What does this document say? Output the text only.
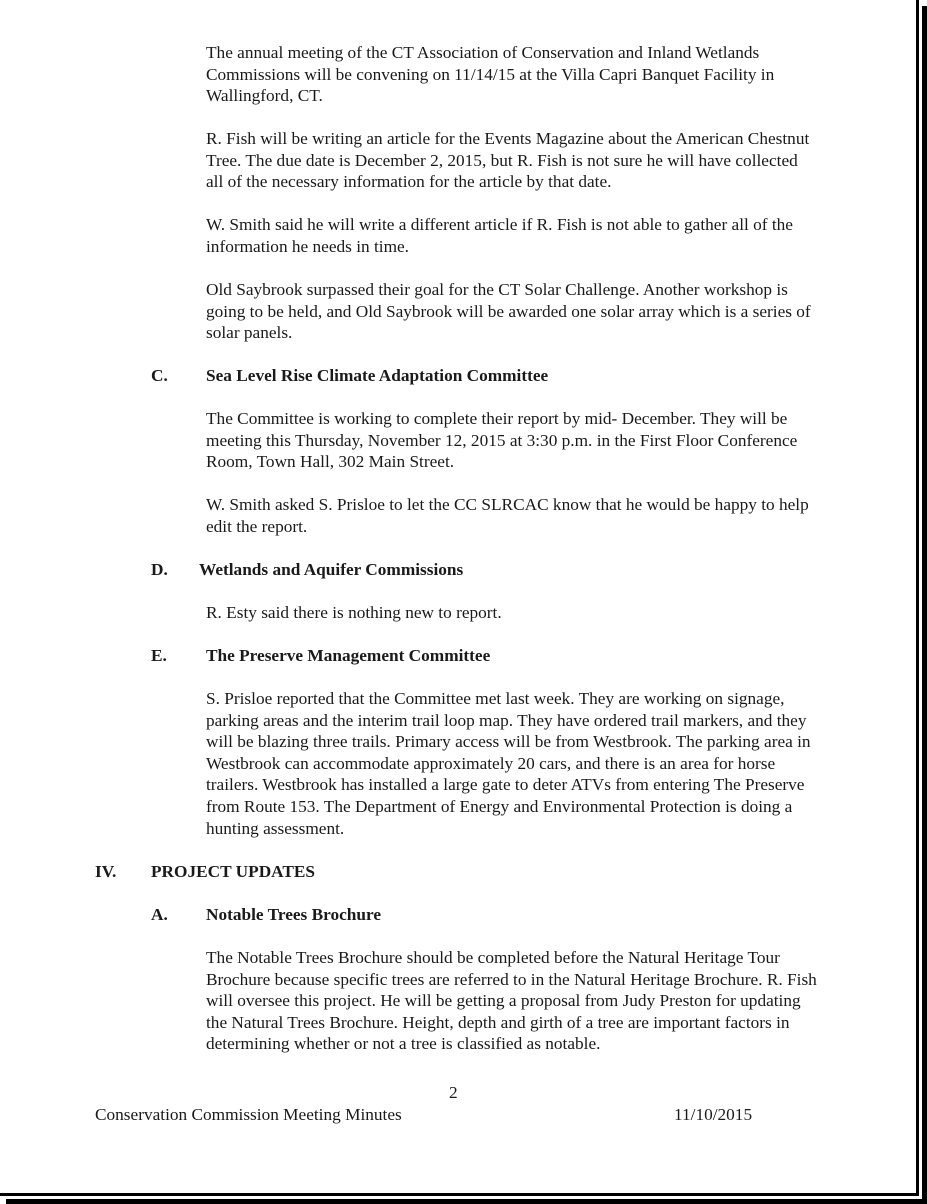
The annual meeting of the CT Association of Conservation and Inland Wetlands Commissions will be convening on 11/14/15 at the Villa Capri Banquet Facility in Wallingford, CT.

R. Fish will be writing an article for the Events Magazine about the American Chestnut Tree. The due date is December 2, 2015, but R. Fish is not sure he will have collected all of the necessary information for the article by that date.

W. Smith said he will write a different article if R. Fish is not able to gather all of the information he needs in time.

Old Saybrook surpassed their goal for the CT Solar Challenge. Another workshop is going to be held, and Old Saybrook will be awarded one solar array which is a series of solar panels.

C. Sea Level Rise Climate Adaptation Committee

The Committee is working to complete their report by mid- December. They will be meeting this Thursday, November 12, 2015 at 3:30 p.m. in the First Floor Conference Room, Town Hall, 302 Main Street.

W. Smith asked S. Prisloe to let the CC SLRCAC know that he would be happy to help edit the report.

D. Wetlands and Aquifer Commissions

R. Esty said there is nothing new to report.

E. The Preserve Management Committee

S. Prisloe reported that the Committee met last week. They are working on signage, parking areas and the interim trail loop map. They have ordered trail markers, and they will be blazing three trails. Primary access will be from Westbrook. The parking area in Westbrook can accommodate approximately 20 cars, and there is an area for horse trailers. Westbrook has installed a large gate to deter ATVs from entering The Preserve from Route 153. The Department of Energy and Environmental Protection is doing a hunting assessment.

IV. PROJECT UPDATES
A. Notable Trees Brochure

The Notable Trees Brochure should be completed before the Natural Heritage Tour Brochure because specific trees are referred to in the Natural Heritage Brochure. R. Fish will oversee this project. He will be getting a proposal from Judy Preston for updating the Natural Trees Brochure. Height, depth and girth of a tree are important factors in determining whether or not a tree is classified as notable.

2
Conservation Commission Meeting Minutes	11/10/2015
